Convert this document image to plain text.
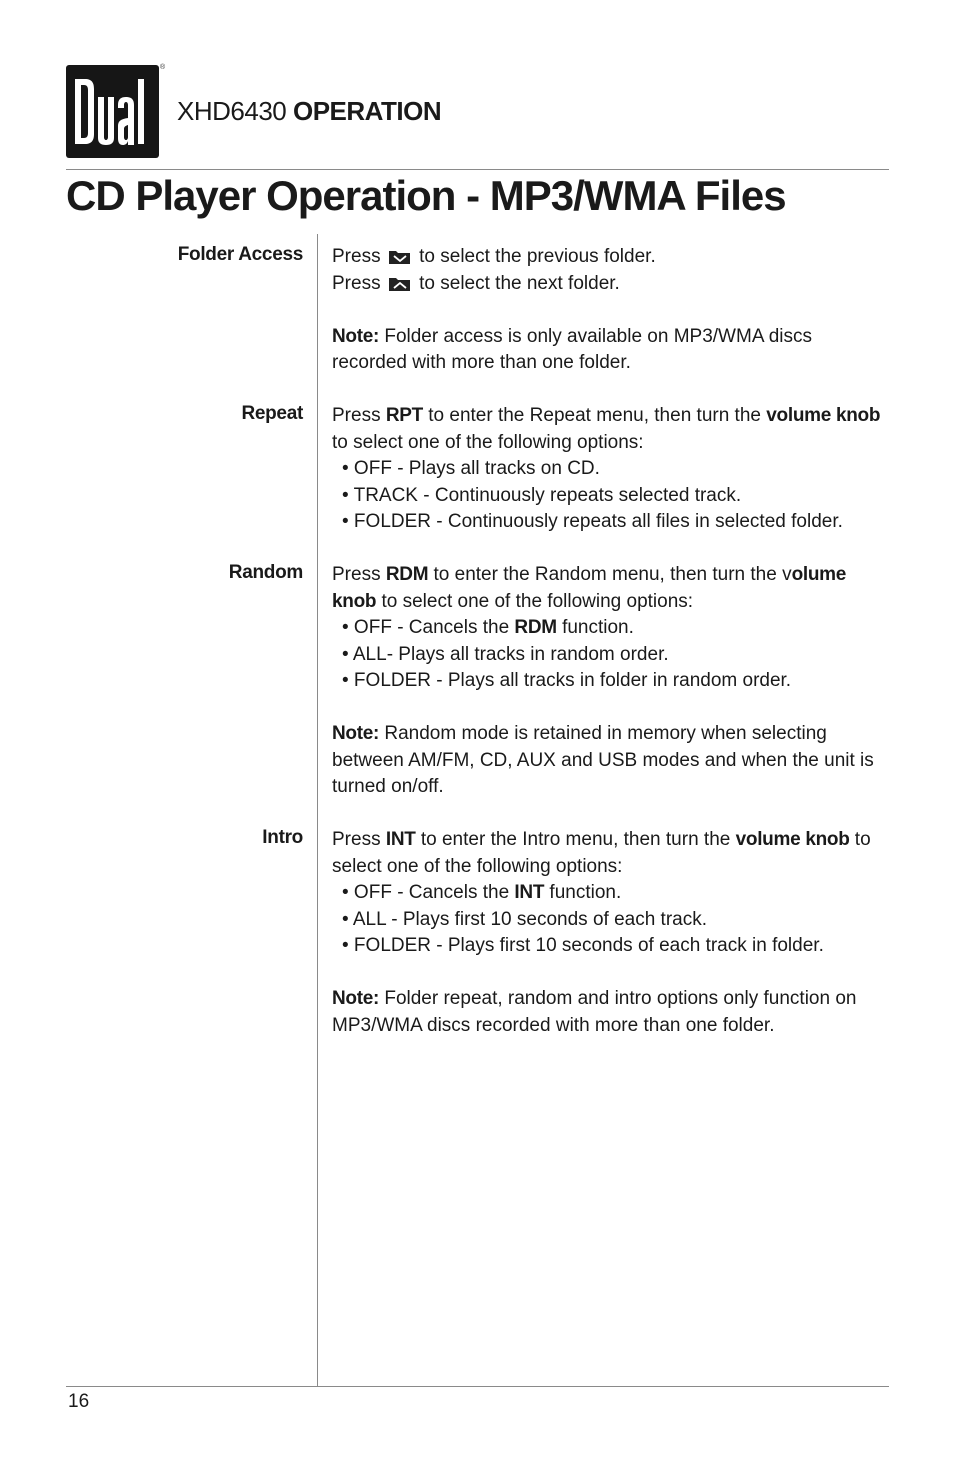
®
XHD6430 OPERATION
CD Player Operation - MP3/WMA Files
Folder Access Press to select the previous folder.

Press to select the next folder.

Note: Folder access is only available on MP3/WMA discs recorded with more than one folder.

Repeat Press RPT to enter the Repeat menu, then turn the volume knob to select one of the following options:

• OFF - Plays all tracks on CD.
• TRACK - Continuously repeats selected track.
• FOLDER - Continuously repeats all files in selected folder.
Random Press RDM to enter the Random menu, then turn the volume knob to select one of the following options:

• OFF - Cancels the RDM function.
• ALL- Plays all tracks in random order.
• FOLDER - Plays all tracks in folder in random order.

Note: Random mode is retained in memory when selecting between AM/FM, CD, AUX and USB modes and when the unit is turned on/off.

Intro Press INT to enter the Intro menu, then turn the volume knob to select one of the following options:

• OFF - Cancels the INT function.
• ALL - Plays first 10 seconds of each track.
• FOLDER - Plays first 10 seconds of each track in folder.

Note: Folder repeat, random and intro options only function on MP3/WMA discs recorded with more than one folder.

16
